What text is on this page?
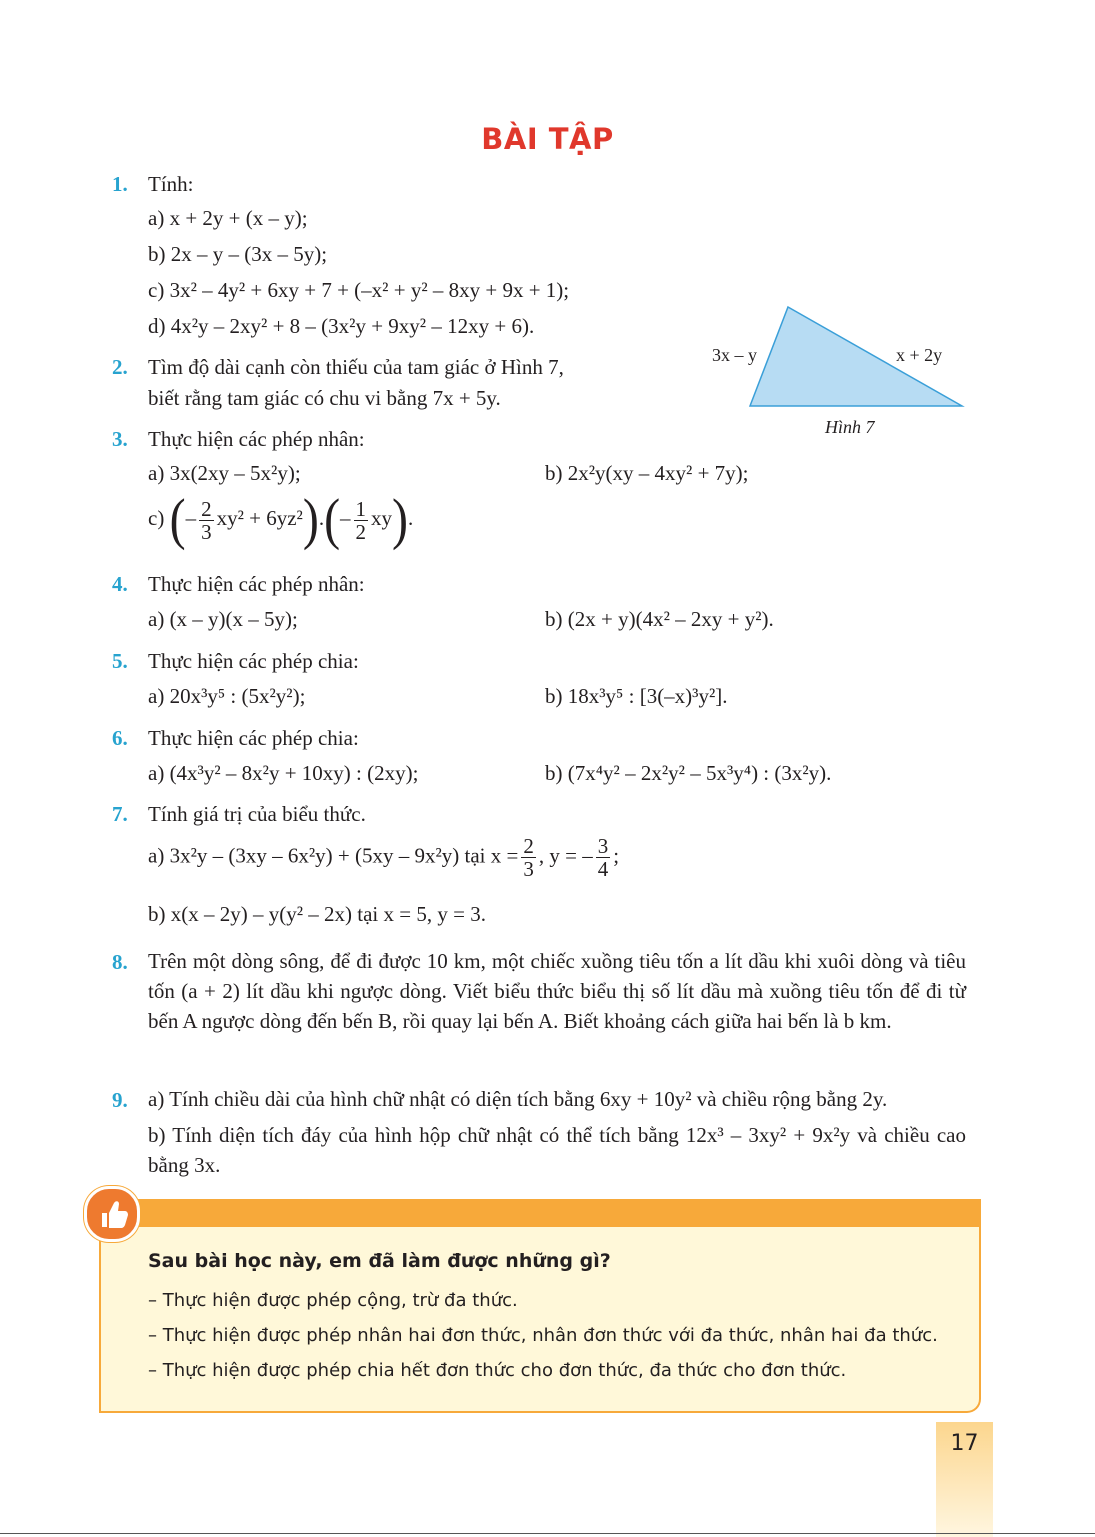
BÀI TẬP
1. Tính:
a) x + 2y + (x – y);
b) 2x – y – (3x – 5y);
c) 3x² – 4y² + 6xy + 7 + (–x² + y² – 8xy + 9x + 1);
d) 4x²y – 2xy² + 8 – (3x²y + 9xy² – 12xy + 6).
2. Tìm độ dài cạnh còn thiếu của tam giác ở Hình 7,
biết rằng tam giác có chu vi bằng 7x + 5y.
3x – y	x + 2y
Hình 7
3. Thực hiện các phép nhân:
a) 3x(2xy – 5x²y);	b) 2x²y(xy – 4xy² + 7y);
c) (– $\frac{2}{3} xy^2 + 6yz^2).(- \frac{1}{2} xy)$.
4. Thực hiện các phép nhân:
a) (x – y)(x – 5y);	b) (2x + y)(4x² – 2xy + y²).
5. Thực hiện các phép chia:
a) 20x³y⁵ : (5x²y²);	b) 18x³y⁵ : [3(–x)³y²].
6. Thực hiện các phép chia:
a) (4x³y² – 8x²y + 10xy) : (2xy);	b) (7x⁴y² – 2x²y² – 5x³y⁴) : (3x²y).
7. Tính giá trị của biểu thức.
a) 3x²y – (3xy – 6x²y) + (5xy – 9x²y) tại $x = \frac{2}{3}$ , y = – $\frac{3}{4}$ ;
b) x(x – 2y) – y(y² – 2x) tại x = 5, y = 3.
8. Trên một dòng sông, để đi được 10 km, một chiếc xuồng tiêu tốn a lít dầu khi xuôi dòng và tiêu tốn (a + 2) lít dầu khi ngược dòng. Viết biểu thức biểu thị số lít dầu mà xuồng tiêu tốn để đi từ bến A ngược dòng đến bến B, rồi quay lại bến A. Biết khoảng cách giữa hai bến là b km.
9. a) Tính chiều dài của hình chữ nhật có diện tích bằng 6xy + 10y² và chiều rộng bằng 2y.
b) Tính diện tích đáy của hình hộp chữ nhật có thể tích bằng 12x³ – 3xy² + 9x²y và chiều cao bằng 3x.
Sau bài học này, em đã làm được những gì?
– Thực hiện được phép cộng, trừ đa thức.
– Thực hiện được phép nhân hai đơn thức, nhân đơn thức với đa thức, nhân hai đa thức.
– Thực hiện được phép chia hết đơn thức cho đơn thức, đa thức cho đơn thức.
17
